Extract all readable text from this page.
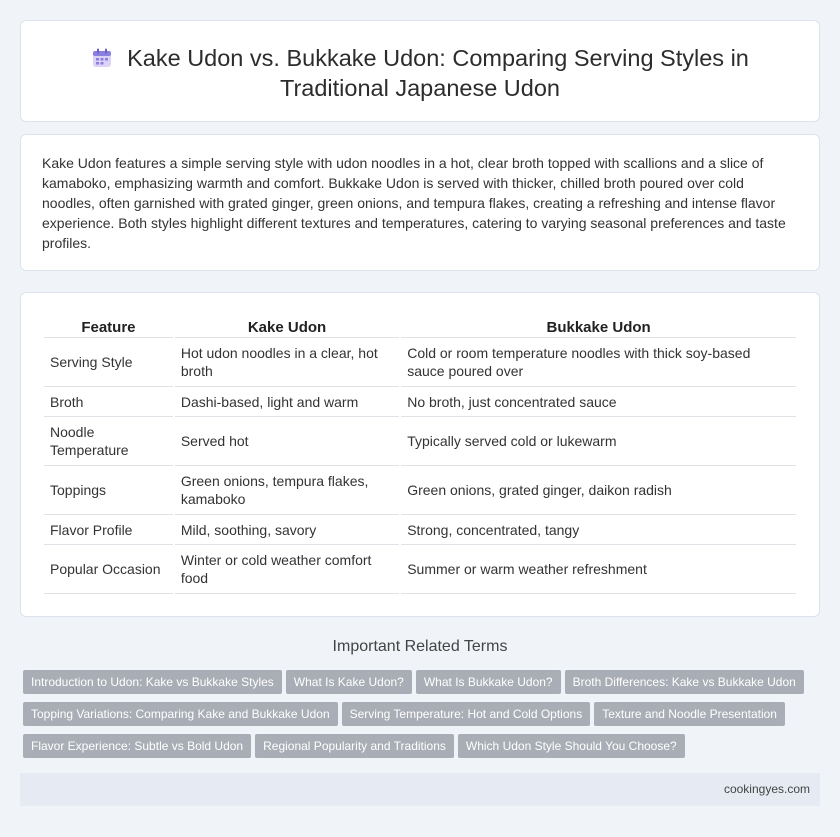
Kake Udon vs. Bukkake Udon: Comparing Serving Styles in
Traditional Japanese Udon

Kake Udon features a simple serving style with udon noodles in a hot, clear broth topped with scallions and a slice of kamaboko, emphasizing warmth and comfort. Bukkake Udon is served with thicker, chilled broth poured over cold noodles, often garnished with grated ginger, green onions, and tempura flakes, creating a refreshing and intense flavor experience. Both styles highlight different textures and temperatures, catering to varying seasonal preferences and taste profiles.

Feature	Kake Udon	Bukkake Udon
Serving Style	Hot udon noodles in a clear, hot broth	Cold or room temperature noodles with thick soy-based sauce poured over
Broth	Dashi-based, light and warm	No broth, just concentrated sauce
Noodle Temperature	Served hot	Typically served cold or lukewarm
Toppings	Green onions, tempura flakes, kamaboko	Green onions, grated ginger, daikon radish
Flavor Profile	Mild, soothing, savory	Strong, concentrated, tangy
Popular Occasion	Winter or cold weather comfort food	Summer or warm weather refreshment
Important Related Terms
Introduction to Udon: Kake vs Bukkake Styles What Is Kake Udon? What Is Bukkake Udon? Broth Differences: Kake vs Bukkake Udon
Topping Variations: Comparing Kake and Bukkake Udon Serving Temperature: Hot and Cold Options Texture and Noodle Presentation
Flavor Experience: Subtle vs Bold Udon Regional Popularity and Traditions Which Udon Style Should You Choose?
cookingyes.com
